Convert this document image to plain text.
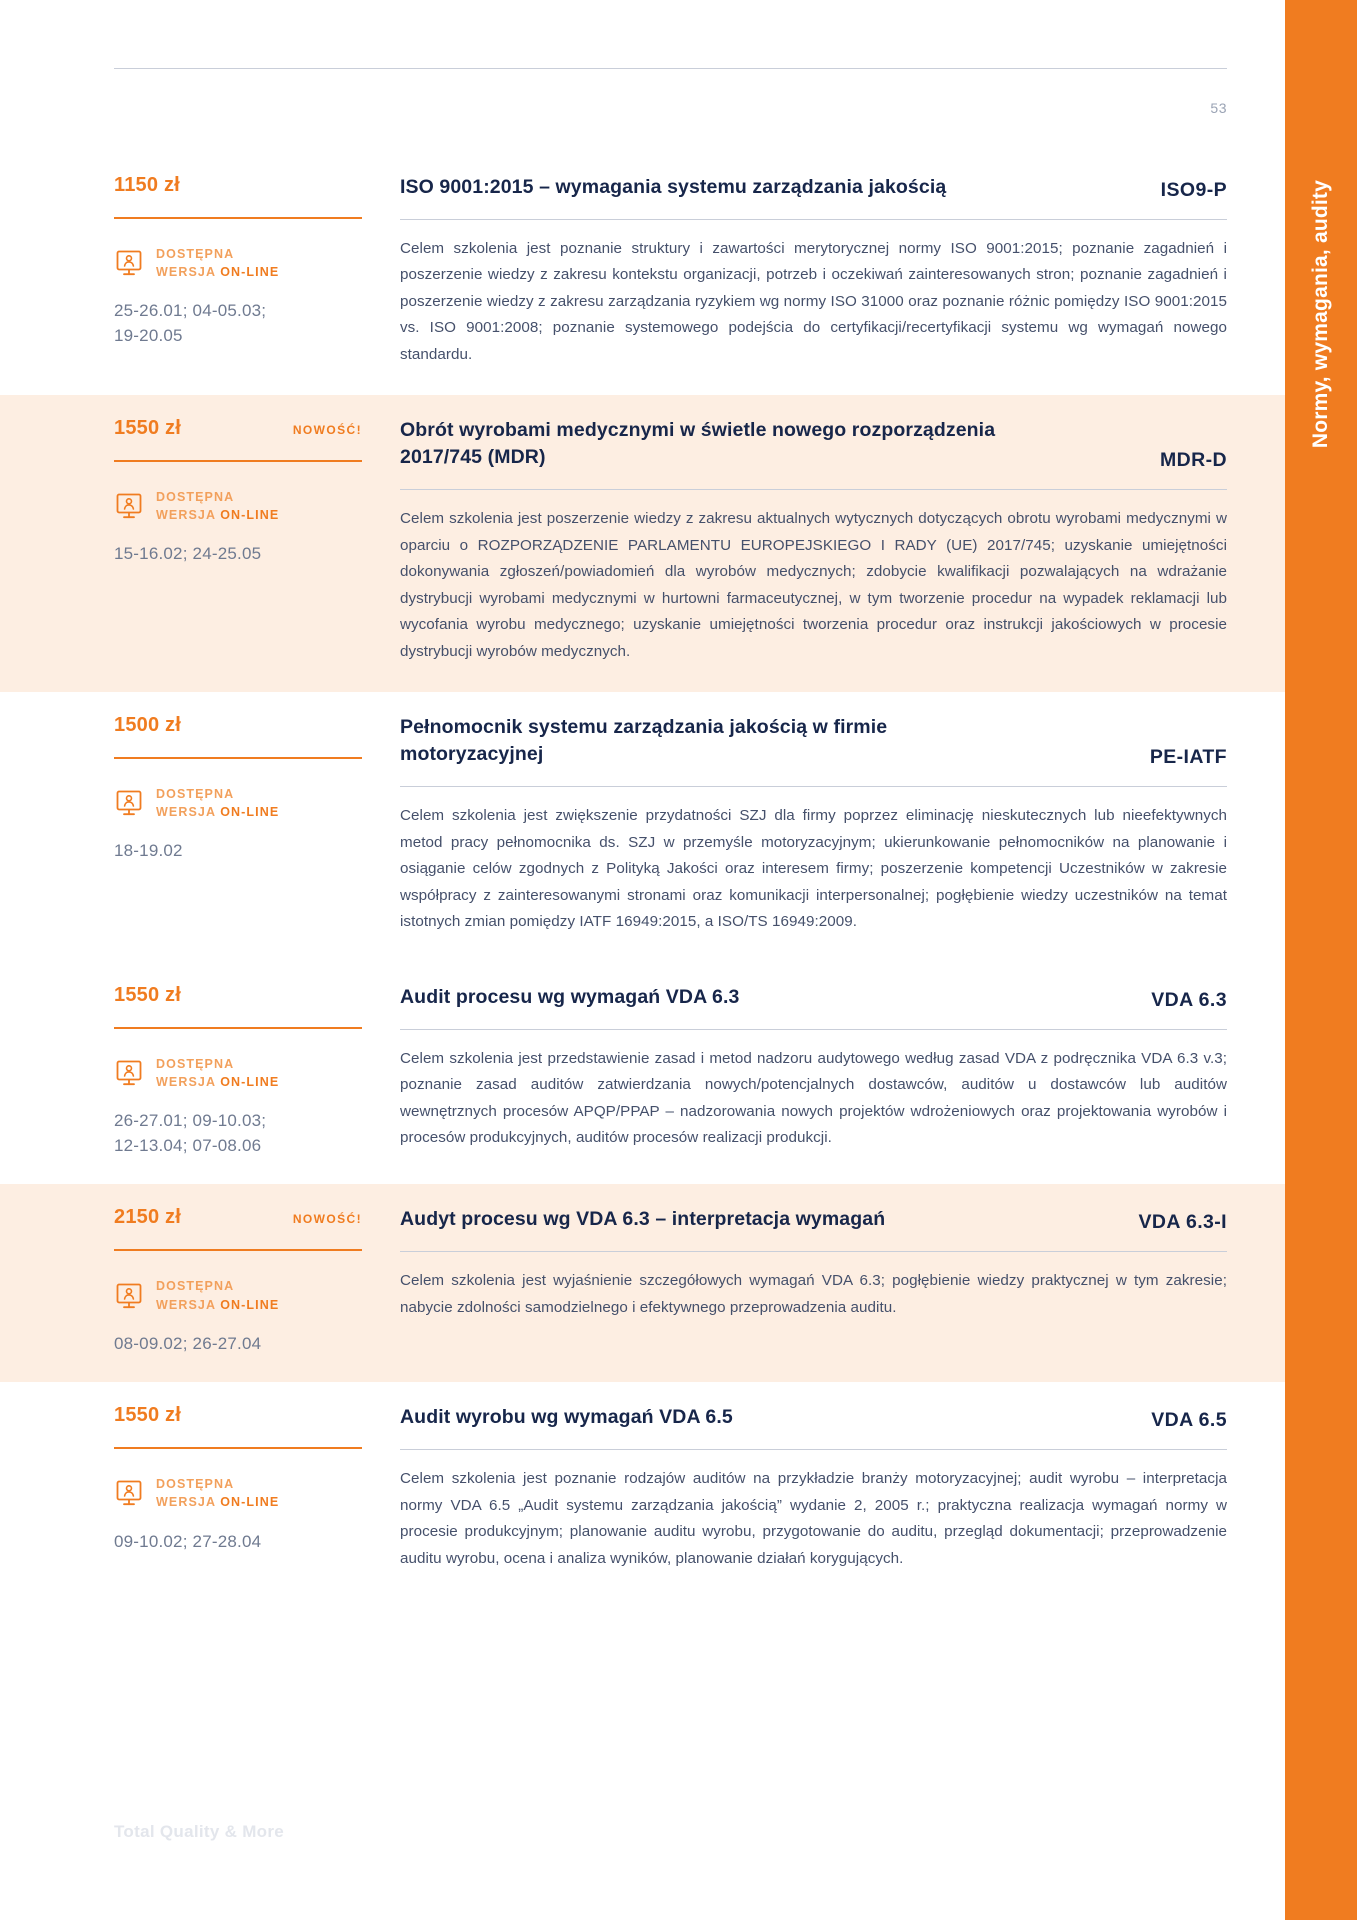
53
1150 zł
DOSTĘPNA
WERSJA ON-LINE
25-26.01; 04-05.03;
19-20.05
ISO 9001:2015 – wymagania systemu zarządzania jakością	ISO9-P
Celem szkolenia jest poznanie struktury i zawartości merytorycznej normy ISO 9001:2015; poznanie zagadnień i poszerzenie wiedzy z zakresu kontekstu organizacji, potrzeb i oczekiwań zainteresowanych stron; poznanie zagadnień i poszerzenie wiedzy z zakresu zarządzania ryzykiem wg normy ISO 31000 oraz poznanie różnic pomiędzy ISO 9001:2015 vs. ISO 9001:2008; poznanie systemowego podejścia do certyfikacji/recertyfikacji systemu wg wymagań nowego standardu.
1550 zł	NOWOŚĆ!
DOSTĘPNA
WERSJA ON-LINE
15-16.02; 24-25.05
Obrót wyrobami medycznymi w świetle nowego rozporządzenia 2017/745 (MDR)	MDR-D
Celem szkolenia jest poszerzenie wiedzy z zakresu aktualnych wytycznych dotyczących obrotu wyrobami medycznymi w oparciu o ROZPORZĄDZENIE PARLAMENTU EUROPEJSKIEGO I RADY (UE) 2017/745; uzyskanie umiejętności dokonywania zgłoszeń/powiadomień dla wyrobów medycznych; zdobycie kwalifikacji pozwalających na wdrażanie dystrybucji wyrobami medycznymi w hurtowni farmaceutycznej, w tym tworzenie procedur na wypadek reklamacji lub wycofania wyrobu medycznego; uzyskanie umiejętności tworzenia procedur oraz instrukcji jakościowych w procesie dystrybucji wyrobów medycznych.
1500 zł
DOSTĘPNA
WERSJA ON-LINE
18-19.02
Pełnomocnik systemu zarządzania jakością w firmie motoryzacyjnej	PE-IATF
Celem szkolenia jest zwiększenie przydatności SZJ dla firmy poprzez eliminację nieskutecznych lub nieefektywnych metod pracy pełnomocnika ds. SZJ w przemyśle motoryzacyjnym; ukierunkowanie pełnomocników na planowanie i osiąganie celów zgodnych z Polityką Jakości oraz interesem firmy; poszerzenie kompetencji Uczestników w zakresie współpracy z zainteresowanymi stronami oraz komunikacji interpersonalnej; pogłębienie wiedzy uczestników na temat istotnych zmian pomiędzy IATF 16949:2015, a ISO/TS 16949:2009.
1550 zł
DOSTĘPNA
WERSJA ON-LINE
26-27.01; 09-10.03;
12-13.04; 07-08.06
Audit procesu wg wymagań VDA 6.3	VDA 6.3
Celem szkolenia jest przedstawienie zasad i metod nadzoru audytowego według zasad VDA z podręcznika VDA 6.3 v.3; poznanie zasad auditów zatwierdzania nowych/potencjalnych dostawców, auditów u dostawców lub auditów wewnętrznych procesów APQP/PPAP – nadzorowania nowych projektów wdrożeniowych oraz projektowania wyrobów i procesów produkcyjnych, auditów procesów realizacji produkcji.
2150 zł	NOWOŚĆ!
DOSTĘPNA
WERSJA ON-LINE
08-09.02; 26-27.04
Audyt procesu wg VDA 6.3 – interpretacja wymagań	VDA 6.3-I
Celem szkolenia jest wyjaśnienie szczegółowych wymagań VDA 6.3; pogłębienie wiedzy praktycznej w tym zakresie; nabycie zdolności samodzielnego i efektywnego przeprowadzenia auditu.
1550 zł
DOSTĘPNA
WERSJA ON-LINE
09-10.02; 27-28.04
Audit wyrobu wg wymagań VDA 6.5	VDA 6.5
Celem szkolenia jest poznanie rodzajów auditów na przykładzie branży motoryzacyjnej; audit wyrobu – interpretacja normy VDA 6.5 „Audit systemu zarządzania jakością” wydanie 2, 2005 r.; praktyczna realizacja wymagań normy w procesie produkcyjnym; planowanie auditu wyrobu, przygotowanie do auditu, przegląd dokumentacji; przeprowadzenie auditu wyrobu, ocena i analiza wyników, planowanie działań korygujących.
Total Quality & More
Normy, wymagania, audity
